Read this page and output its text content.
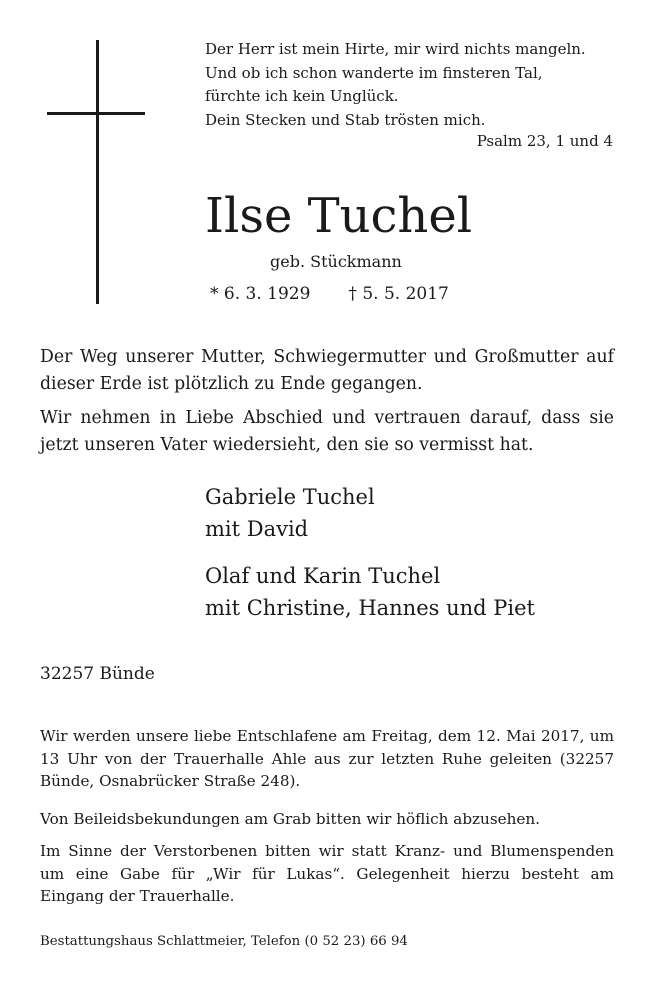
Der Herr ist mein Hirte, mir wird nichts mangeln.

Und ob ich schon wanderte im finsteren Tal,

fürchte ich kein Unglück.

Dein Stecken und Stab trösten mich.

Psalm 23, 1 und 4
Ilse Tuchel
geb. Stückmann
* 6. 3. 1929 † 5. 5. 2017

Der Weg unserer Mutter, Schwiegermutter und Großmutter auf dieser Erde ist plötzlich zu Ende gegangen.

Wir nehmen in Liebe Abschied und vertrauen darauf, dass sie jetzt unseren Vater wiedersieht, den sie so vermisst hat.

Gabriele Tuchel

mit David

Olaf und Karin Tuchel

mit Christine, Hannes und Piet

32257 Bünde

Wir werden unsere liebe Entschlafene am Freitag, dem 12. Mai 2017, um 13 Uhr von der Trauerhalle Ahle aus zur letzten Ruhe geleiten (32257 Bünde, Osnabrücker Straße 248).

Von Beileidsbekundungen am Grab bitten wir höflich abzusehen.

Im Sinne der Verstorbenen bitten wir statt Kranz- und Blumenspenden um eine Gabe für „Wir für Lukas“. Gelegenheit hierzu besteht am Eingang der Trauerhalle.

Bestattungshaus Schlattmeier, Telefon (0 52 23) 66 94
